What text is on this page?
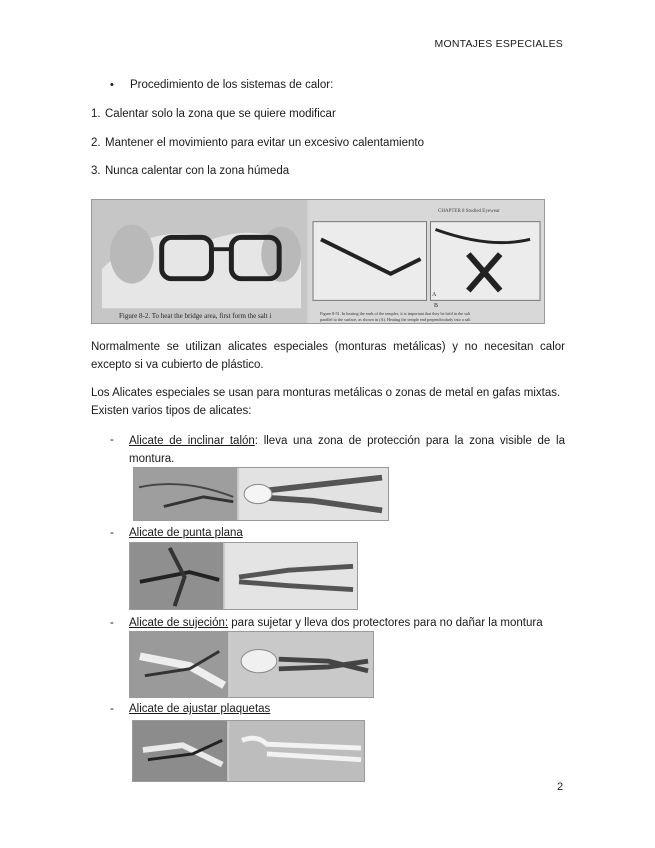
MONTAJES ESPECIALES
• Procedimiento de los sistemas de calor:
1. Calentar solo la zona que se quiere modificar
2. Mantener el movimiento para evitar un excesivo calentamiento
3. Nunca calentar con la zona húmeda
Figure 8-2. To heat the bridge area, first form the salt i
CHAPTER 8 Studied Eyewear
A
B
Figure 8-51. In heating the ends of the temples, it is important that they be held in the salt
parallel to the surface, as shown in (A). Heating the temple end perpendicularly into a salt
Normalmente se utilizan alicates especiales (monturas metálicas) y no necesitan calor excepto si va cubierto de plástico.
Los Alicates especiales se usan para monturas metálicas o zonas de metal en gafas mixtas.
Existen varios tipos de alicates:
- Alicate de inclinar talón: lleva una zona de protección para la zona visible de la montura.
- Alicate de punta plana
- Alicate de sujeción: para sujetar y lleva dos protectores para no dañar la montura
- Alicate de ajustar plaquetas
2
